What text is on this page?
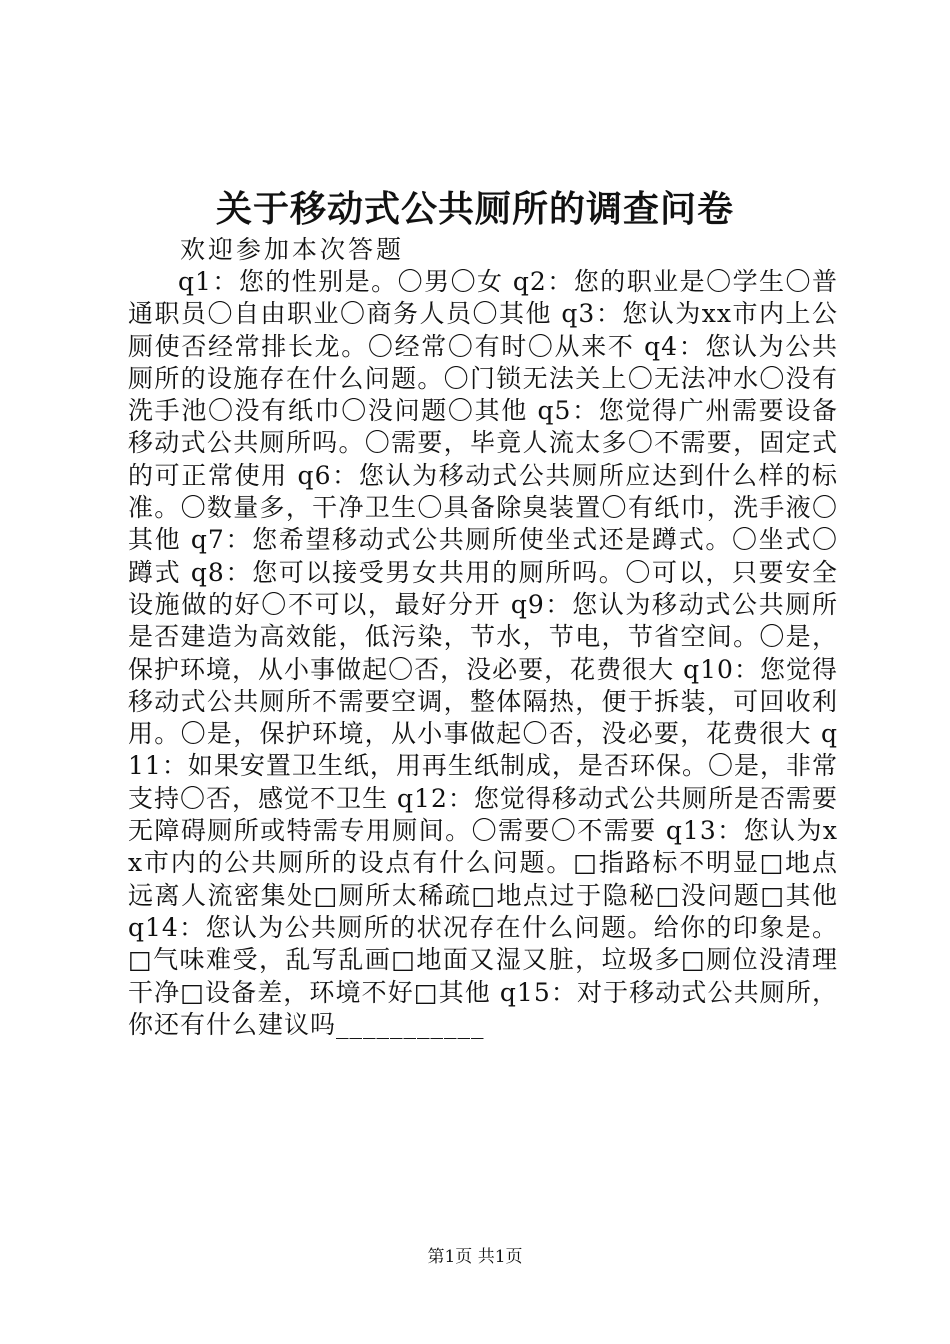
关于移动式公共厕所的调查问卷
欢迎参加本次答题
q1：您的性别是。〇男〇女 q2：您的职业是〇学生〇普通职员〇自由职业〇商务人员〇其他 q3：您认为xx市内上公厕使否经常排长龙。〇经常〇有时〇从来不 q4：您认为公共厕所的设施存在什么问题。〇门锁无法关上〇无法冲水〇没有洗手池〇没有纸巾〇没问题〇其他 q5：您觉得广州需要设备移动式公共厕所吗。〇需要，毕竟人流太多〇不需要，固定式的可正常使用 q6：您认为移动式公共厕所应达到什么样的标准。〇数量多，干净卫生〇具备除臭装置〇有纸巾，洗手液〇其他 q7：您希望移动式公共厕所使坐式还是蹲式。〇坐式〇蹲式 q8：您可以接受男女共用的厕所吗。〇可以，只要安全设施做的好〇不可以，最好分开 q9：您认为移动式公共厕所是否建造为高效能，低污染，节水，节电，节省空间。〇是，保护环境，从小事做起〇否，没必要，花费很大 q10：您觉得移动式公共厕所不需要空调，整体隔热，便于拆装，可回收利用。〇是，保护环境，从小事做起〇否，没必要，花费很大 q11：如果安置卫生纸，用再生纸制成，是否环保。〇是，非常支持〇否，感觉不卫生 q12：您觉得移动式公共厕所是否需要无障碍厕所或特需专用厕间。〇需要〇不需要 q13：您认为xx市内的公共厕所的设点有什么问题。□指路标不明显□地点远离人流密集处□厕所太稀疏□地点过于隐秘□没问题□其他 q14：您认为公共厕所的状况存在什么问题。给你的印象是。□气味难受，乱写乱画□地面又湿又脏，垃圾多□厕位没清理干净□设备差，环境不好□其他 q15：对于移动式公共厕所，你还有什么建议吗___________
第1页 共1页
